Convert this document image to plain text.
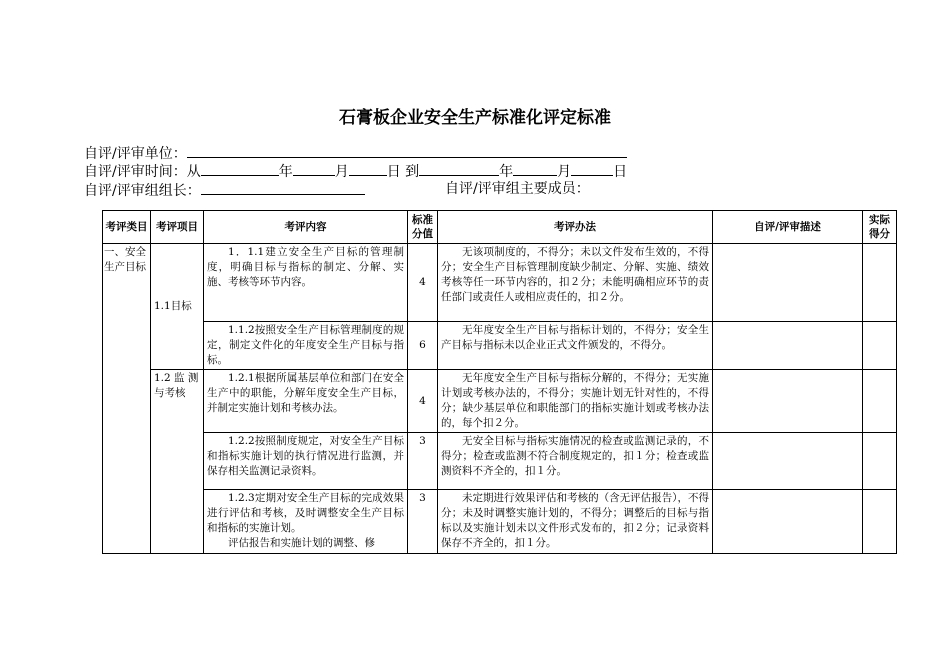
石膏板企业安全生产标准化评定标准
自评/评审单位：
自评/评审时间：从	年	月	日 到	年	月	日
自评/评审组组长：	自评/评审组主要成员：
考评类目	考评项目	考评内容	标准分值	考评办法	自评/评审描述	实际得分
一、安全生产目标	1.1目标	1．1.1建立安全生产目标的管理制度，明确目标与指标的制定、分解、实施、考核等环节内容。	4	无该项制度的，不得分；未以文件发布生效的，不得分；安全生产目标管理制度缺少制定、分解、实施、绩效考核等任一环节内容的，扣２分；未能明确相应环节的责任部门或责任人或相应责任的，扣２分。		

		1.1.2按照安全生产目标管理制度的规定，制定文件化的年度安全生产目标与指标。	6	无年度安全生产目标与指标计划的，不得分；安全生产目标与指标未以企业正式文件颁发的，不得分。		

	1.2 监 测与考核	1.2.1根据所属基层单位和部门在安全生产中的职能，分解年度安全生产目标，并制定实施计划和考核办法。	4	无年度安全生产目标与指标分解的，不得分；无实施计划或考核办法的，不得分；实施计划无针对性的，不得分；缺少基层单位和职能部门的指标实施计划或考核办法的，每个扣２分。		

		1.2.2按照制度规定，对安全生产目标和指标实施计划的执行情况进行监测，并保存相关监测记录资料。	3	无安全目标与指标实施情况的检查或监测记录的，不得分；检查或监测不符合制度规定的，扣１分；检查或监测资料不齐全的，扣１分。		

		1.2.3定期对安全生产目标的完成效果进行评估和考核，及时调整安全生产目标和指标的实施计划。
评估报告和实施计划的调整、修	3	未定期进行效果评估和考核的（含无评估报告），不得分；未及时调整实施计划的，不得分；调整后的目标与指标以及实施计划未以文件形式发布的，扣２分；记录资料保存不齐全的，扣１分。		
